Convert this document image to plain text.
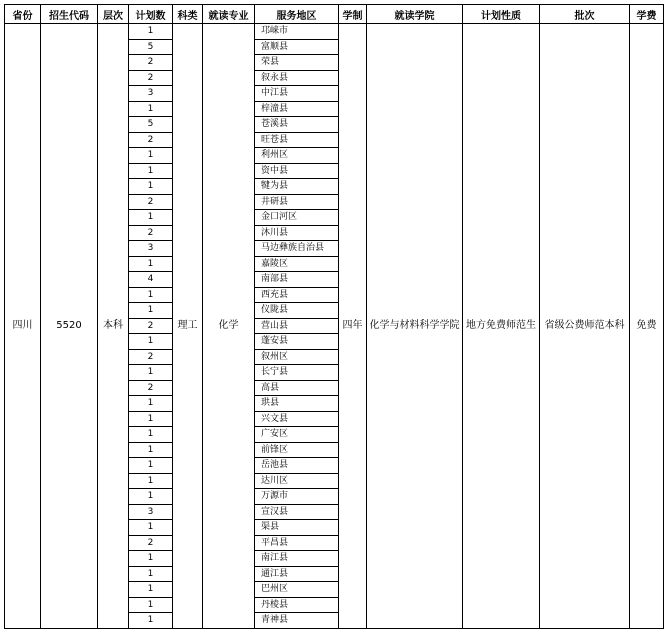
省份	招生代码	层次	计划数	科类	就读专业	服务地区	学制	就读学院	计划性质	批次	学费
四川	5520	本科	1	理工	化学	邛崃市	四年	化学与材料科学学院	地方免费师范生	省级公费师范本科	免费
			5			富顺县					
			2			荣县					
			2			叙永县					
			3			中江县					
			1			梓潼县					
			5			苍溪县					
			2			旺苍县					
			1			利州区					
			1			资中县					
			1			犍为县					
			2			井研县					
			1			金口河区					
			2			沐川县					
			3			马边彝族自治县					
			1			嘉陵区					
			4			南部县					
			1			西充县					
			1			仪陇县					
			2			营山县					
			1			蓬安县					
			2			叙州区					
			1			长宁县					
			2			高县					
			1			珙县					
			1			兴文县					
			1			广安区					
			1			前锋区					
			1			岳池县					
			1			达川区					
			1			万源市					
			3			宣汉县					
			1			渠县					
			2			平昌县					
			1			南江县					
			1			通江县					
			1			巴州区					
			1			丹棱县					
			1			青神县					
